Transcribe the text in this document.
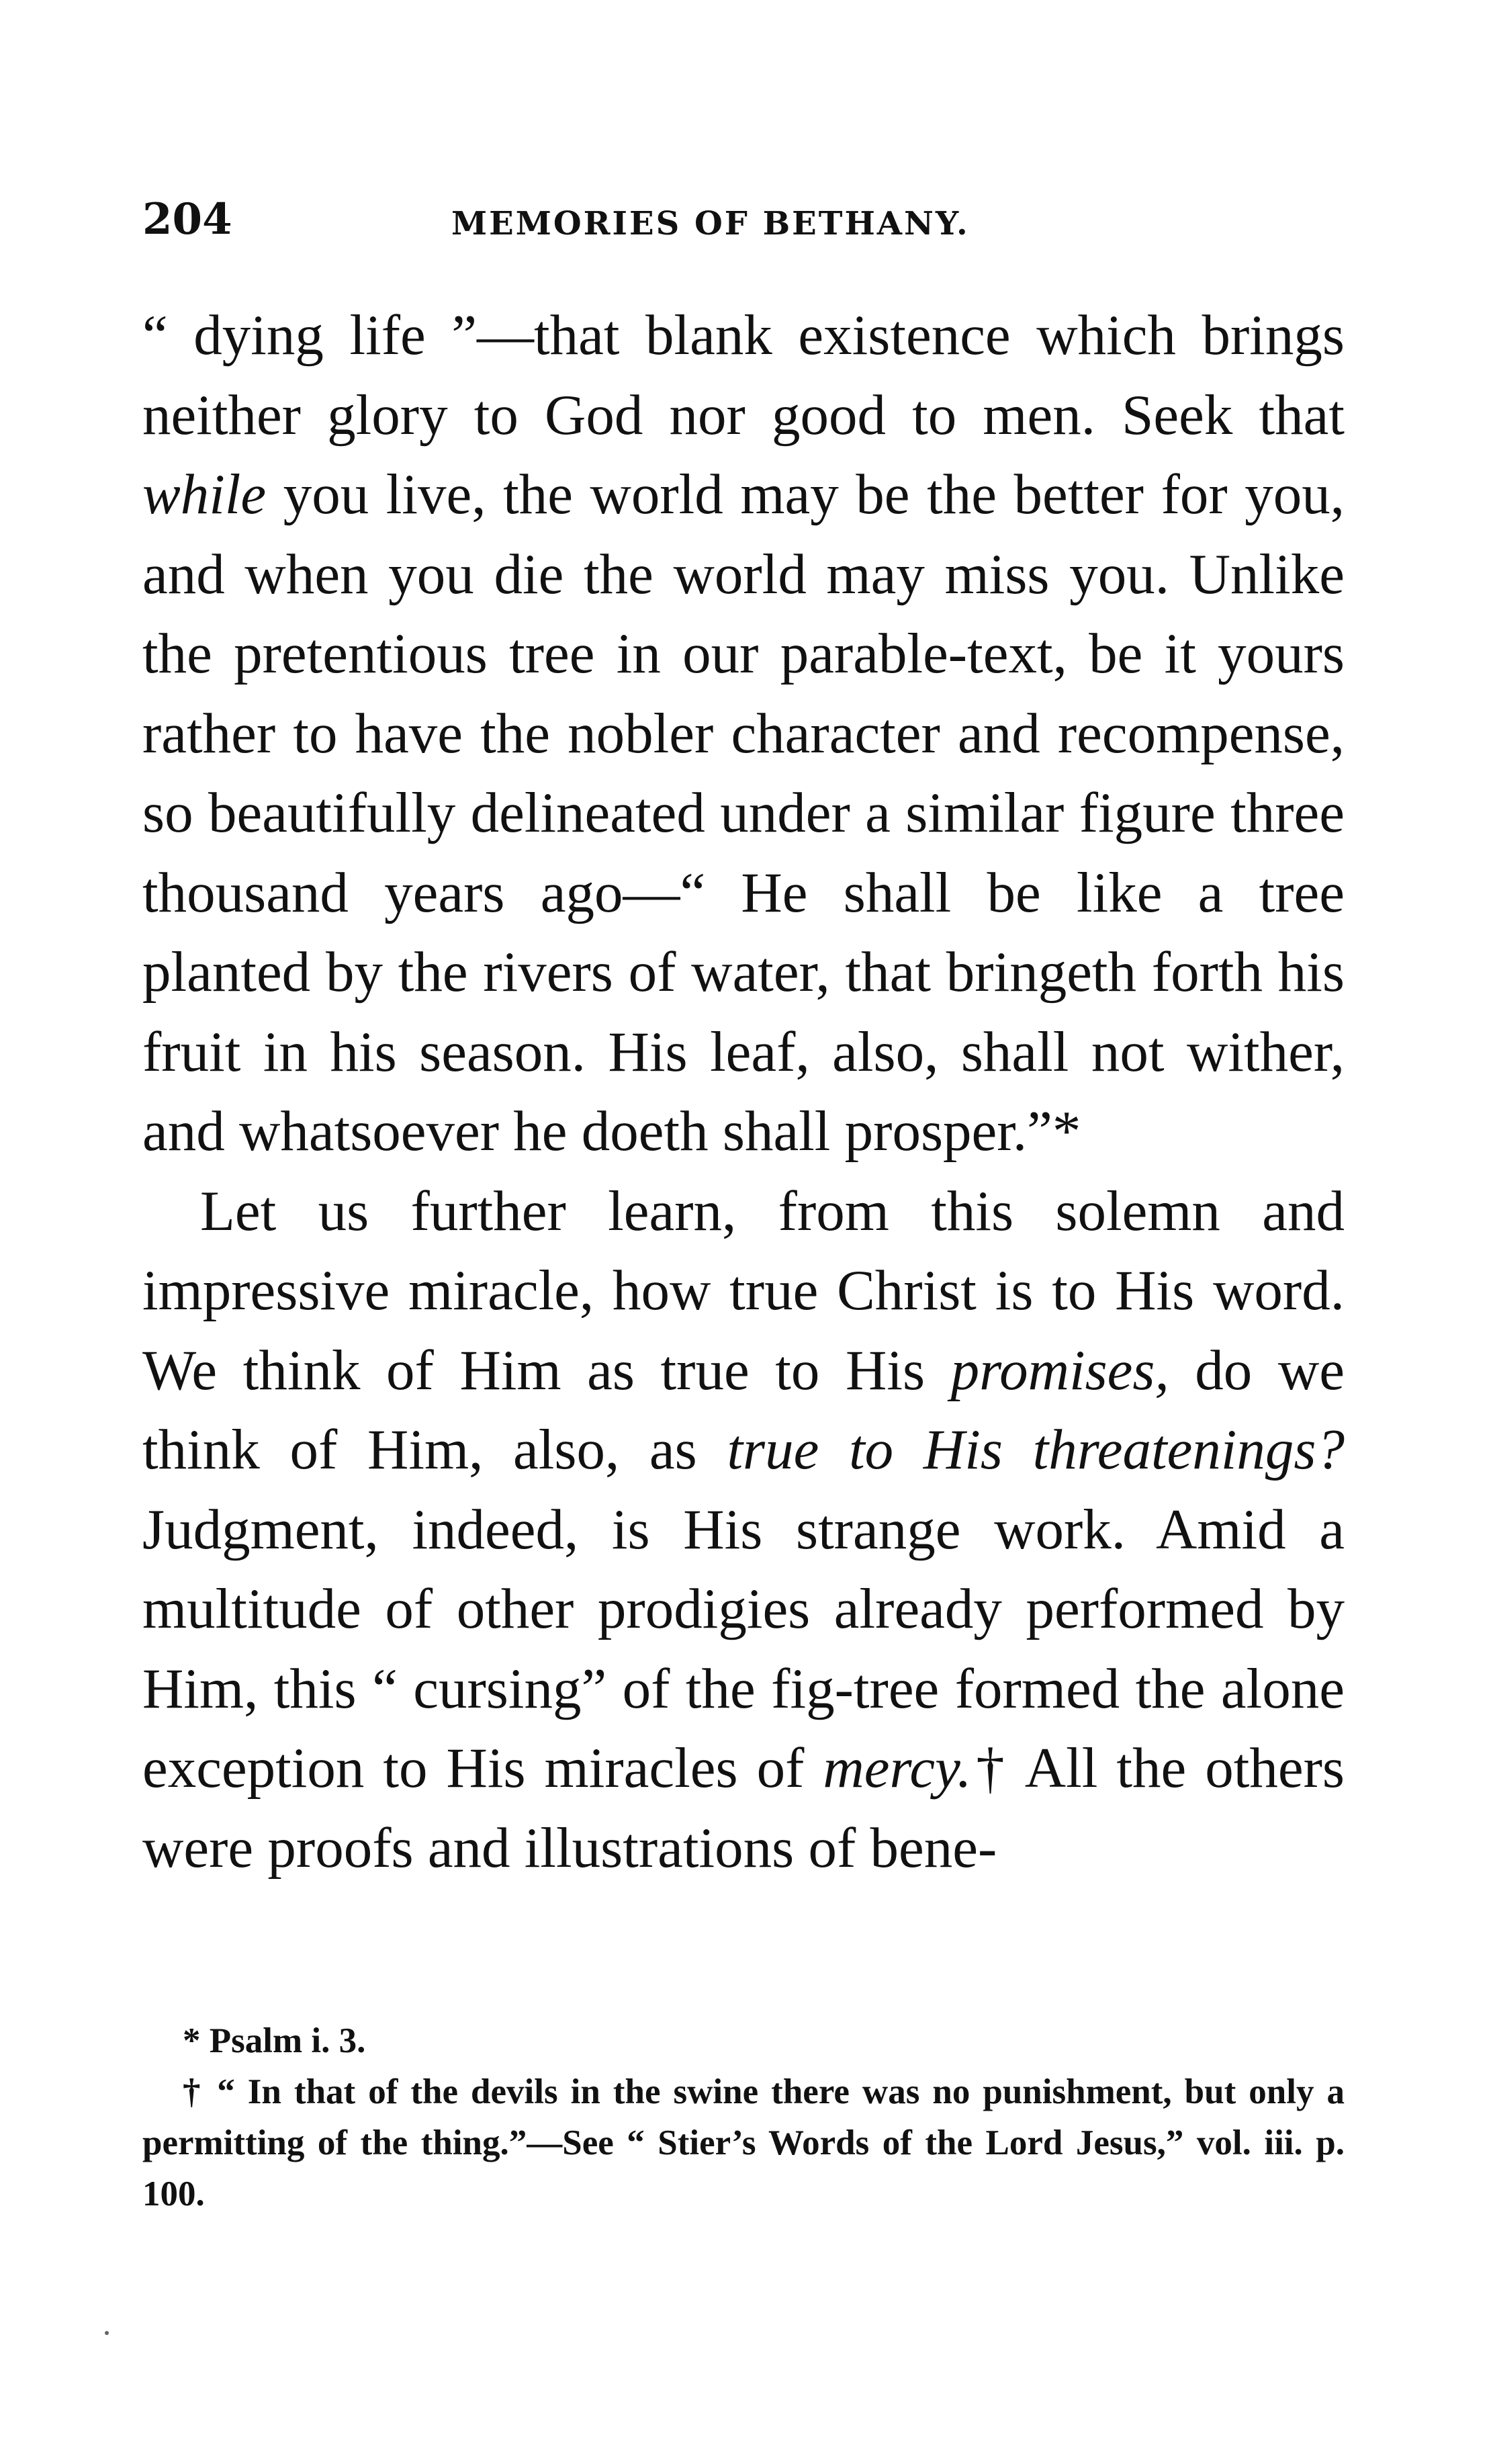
204	MEMORIES OF BETHANY.

“ dying life ”—that blank existence which brings neither glory to God nor good to men. Seek that while you live, the world may be the better for you, and when you die the world may miss you. Unlike the pretentious tree in our parable-text, be it yours rather to have the nobler character and recompense, so beautifully delineated under a similar figure three thousand years ago—“ He shall be like a tree planted by the rivers of water, that bringeth forth his fruit in his season. His leaf, also, shall not wither, and whatsoever he doeth shall prosper.”*

Let us further learn, from this solemn and impressive miracle, how true Christ is to His word. We think of Him as true to His promises, do we think of Him, also, as true to His threatenings? Judgment, indeed, is His strange work. Amid a multitude of other prodigies already performed by Him, this “ cursing” of the fig-tree formed the alone exception to His miracles of mercy.† All the others were proofs and illustrations of bene-

* Psalm i. 3.

† “ In that of the devils in the swine there was no punishment, but only a permitting of the thing.”—See “ Stier’s Words of the Lord Jesus,” vol. iii. p. 100.
